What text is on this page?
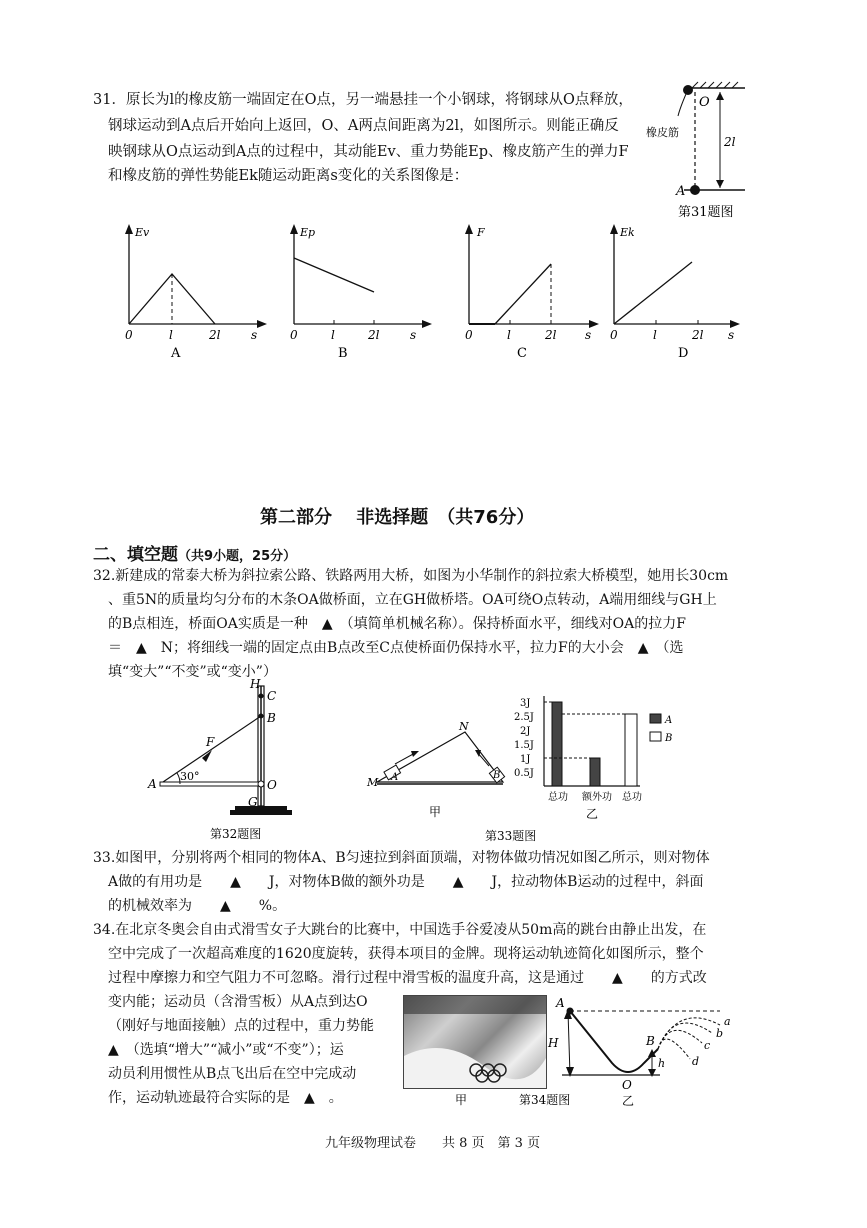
31．原长为l的橡皮筋一端固定在O点，另一端悬挂一个小钢球，将钢球从O点释放，
钢球运动到A点后开始向上返回，O、A两点间距离为2l，如图所示。则能正确反
映钢球从O点运动到A点的过程中，其动能Ev、重力势能Ep、橡皮筋产生的弹力F
和橡皮筋的弹性势能Ek随运动距离s变化的关系图像是：
O
橡皮筋
2l
A
第31题图
Ev
0	l	2l	s
A
Ep
0	l	2l	s
B
F
0	l	2l s
C
Ek
0	l	2l s
D
第二部分　 非选择题　（共76分）
二、填空题（共9小题，25分）
32.新建成的常泰大桥为斜拉索公路、铁路两用大桥，如图为小华制作的斜拉索大桥模型，她用长30cm
、重5N的质量均匀分布的木条OA做桥面，立在GH做桥塔。OA可绕O点转动，A端用细线与GH上
的B点相连，桥面OA实质是一种　▲　（填简单机械名称）。保持桥面水平，细线对OA的拉力F
＝　▲　N；将细线一端的固定点由B点改至C点使桥面仍保持水平，拉力F的大小会　▲　（选
填“变大”“不变”或“变小”）
H
C
B
F
A
30°
O
G
第32题图
M A
N
B
甲
第33题图
A
B
3J
2.5J
2J
1.5J
1J
0.5J
总功 额外功 总功
乙
33.如图甲，分别将两个相同的物体A、B匀速拉到斜面顶端，对物体做功情况如图乙所示，则对物体
A做的有用功是　　▲　　J，对物体B做的额外功是　　▲　　J，拉动物体B运动的过程中，斜面
的机械效率为　　▲　　%。
34.在北京冬奥会自由式滑雪女子大跳台的比赛中，中国选手谷爱凌从50m高的跳台由静止出发，在
空中完成了一次超高难度的1620度旋转，获得本项目的金牌。现将运动轨迹简化如图所示，整个
过程中摩擦力和空气阻力不可忽略。滑行过程中滑雪板的温度升高，这是通过　　▲　　的方式改
变内能；运动员（含滑雪板）从A点到达O
（刚好与地面接触）点的过程中，重力势能
▲　（选填“增大”“减小”或“不变”）；运
动员利用惯性从B点飞出后在空中完成动
作，运动轨迹最符合实际的是　▲　。	甲	第34题图
A
H	B
h
O
a
b
c
d
乙
九年级物理试卷　　共 8 页　第 3 页
